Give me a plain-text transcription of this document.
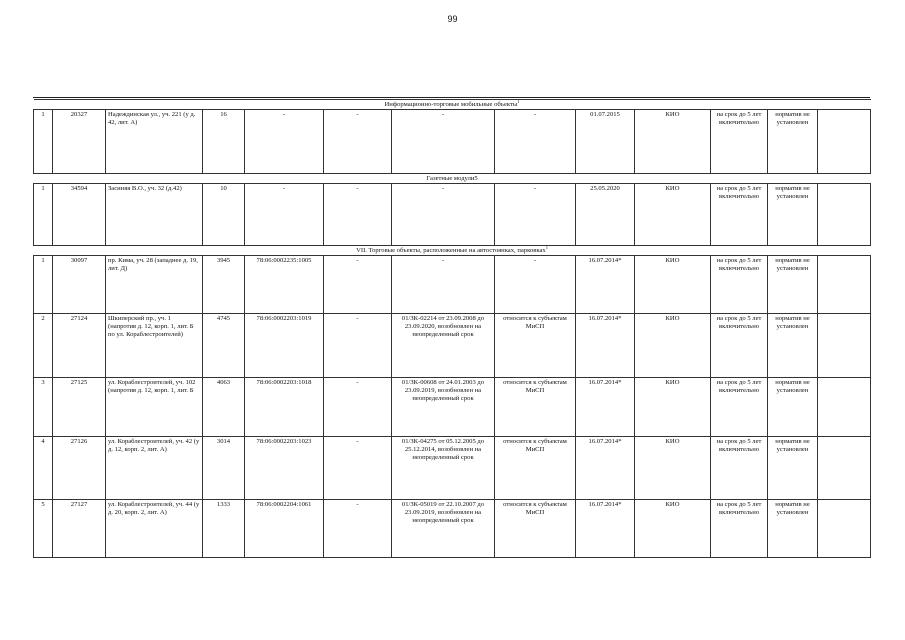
99
Информационно-торговые мобильные объекты$^1$
1	20327	Надеждинская ул., уч. 221 (у д. 42, лит. А)	16	-	-	-	-	01.07.2015	КИО	на срок до 5 лет включительно	норматив не установлен	
Газетные модули5												
1	34594	Засиняя В.О., уч. 32 (д.42)	10	-	-	-	-	25.05.2020	КИО	на срок до 5 лет включительно	норматив не установлен	
VII. Торговые объекты, расположенные на автостоянках, парковках$^1$
1	30097	пр. Кима, уч. 28 (западнее д. 19, лит. Д)	3945	78:06:0002235:1005	-	-	-	16.07.2014*	КИО	на срок до 5 лет включительно	норматив не установлен	
2	27124	Шкиперский пр., уч. 1 (напротив д. 12, корп. 1, лит. Б по ул. Кораблестроителей)	4745	78:06:0002203:1019	-	01/ЗК-02214 от 23.09.2008 до 23.09.2020, возобновлен на неопределенный срок	относится к субъектам МиСП	16.07.2014*	КИО	на срок до 5 лет включительно	норматив не установлен	
3	27125	ул. Кораблестроителей, уч. 102 (напротив д. 12, корп. 1, лит. Б	4063	78:06:0002203:1018	-	01/ЗК-00608 от 24.01.2003 до 23.09.2019, возобновлен на неопределенный срок	относится к субъектам МиСП	16.07.2014*	КИО	на срок до 5 лет включительно	норматив не установлен	
4	27126	ул. Кораблестроителей, уч. 42 (у д. 12, корп. 2, лит. А)	3014	78:06:0002203:1023	-	01/ЗК-04275 от 05.12.2005 до 25.12.2014, возобновлен на неопределенный срок	относится к субъектам МиСП	16.07.2014*	КИО	на срок до 5 лет включительно	норматив не установлен	
5	27127	ул. Кораблестроителей, уч. 44 (у д. 20, корп. 2, лит. А)	1333	78:06:0002204:1061	-	01/ЗК-05019 от 22.10.2007 до 23.09.2019, возобновлен на неопределенный срок	относится к субъектам МиСП	16.07.2014*	КИО	на срок до 5 лет включительно	норматив не установлен	
